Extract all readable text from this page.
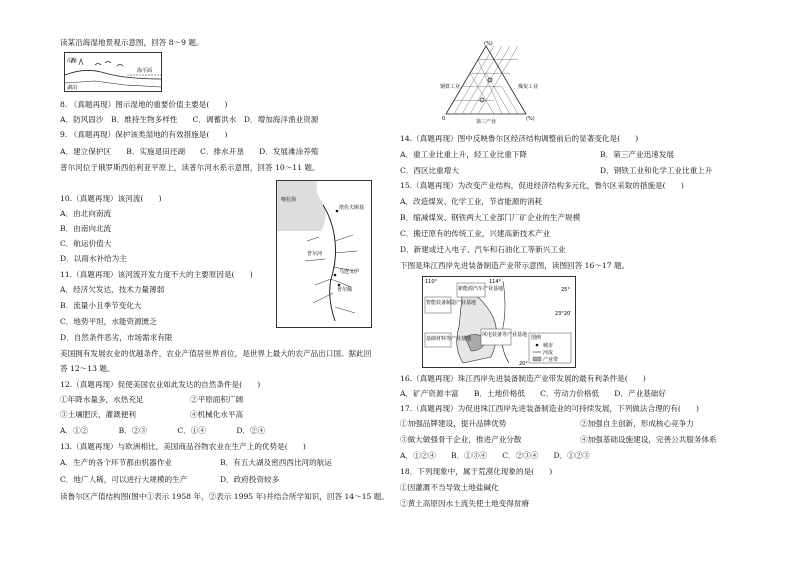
读某沿海湿地景观示意图，回答 8～9 题。
沼泽
海平面
湖泊
8. （真题再现）图示湿地的重要价值主要是(　　)
A．防风固沙　B．维持生物多样性　　C．调蓄洪水　D．增加海洋渔业资源
9. （真题再现）保护该类湿地的有效措施是(　　)
A．建立保护区　　B．实施退田还湖　　C．排水开垦　　D．发展滩涂养殖
普尔河位于俄罗斯西伯利亚平原上，读普尔河水系示意图，回答 10～11 题。
10.（真题再现）该河流(　　)
A．由北向南流
B．由南向北流
C．航运价值大
D．以雨水补给为主
11.（真题再现）该河流开发力度不大的主要原因是(　　)
A．经济欠发达，技术力量薄弱
B．流量小且季节变化大
C．地势平坦，水能资源匮乏
D．自然条件恶劣，市场需求有限
喀拉海
塔佐夫斯基
乌连戈伊
普尔佩
普尔河
美国拥有发展农业的优越条件，农业产值居世界首位，是世界上最大的农产品出口国。据此回
答 12～13 题。
12.（真题再现）促使美国农业如此发达的自然条件是(　　)
①年降水量多，水热充足	②平原面积广阔
③土壤肥沃，灌溉便利	④机械化水平高
A．①②　　　　B．②③　　　　C．①④　　　　D．②④
13.（真题再现）与欧洲相比，美国商品谷物农业在生产上的优势是(　　)
A．生产的各个环节都由机器作业	B．有五大湖及密西西比河的航运
C．地广人稀，可以进行大规模的生产	D．政府投资较多
读鲁尔区产值结构图(图中①表示 1958 年，②表示 1995 年)并结合所学知识，回答 14～15 题。
(%)
钢铁工业	煤炭工业
第三产业	(%)
0
14.（真题再现）图中反映鲁尔区经济结构调整前后的显著变化是(　　)
A．重工业比重上升，轻工业比重下降	B．第三产业迅速发展
C．西区比重增大	D．钢铁工业和化学工业比重上升
15.（真题再现）为改变产业结构，促进经济结构多元化，鲁尔区采取的措施是(　　)
A．改造煤炭、化学工业，节省能源的消耗
B．缩减煤炭、钢铁两大工业部门厂矿企业的生产规模
C．搬迁原有的传统工业，兴建高新技术产业
D．新建或迁入电子、汽车和石油化工等新兴工业
下图是珠江西岸先进装备制造产业带示意图，读图回答 16～17 题。
110°	114°
25°
23°20′
20°
智能装备制造产业基地
新能源汽车产业基地
基础材料等产业基地
风电装备等产业基地 图例
城市
河流
产业带
16.（真题再现）珠江西岸先进装备制造产业带发展的最有利条件是(　　)
A．矿产资源丰富　　B．土地价格低　　C．劳动力价格低　　D．产业基础好
17.（真题再现）为促进珠江西岸先进装备制造业的可持续发展，下列做法合理的有(　　)
①加强品牌建设，提升品牌优势	②加强自主创新，形成核心竞争力
③做大做强骨干企业，推进产业分散	④加强基础设施建设，完善公共服务体系
A．①②④　　B．①③④　　C．②③④　　D．①②③
18．下列现象中，属于荒漠化现象的是(　　)
①因灌溉不当导致土地盐碱化
②黄土高原因水土流失使土地变得贫瘠
